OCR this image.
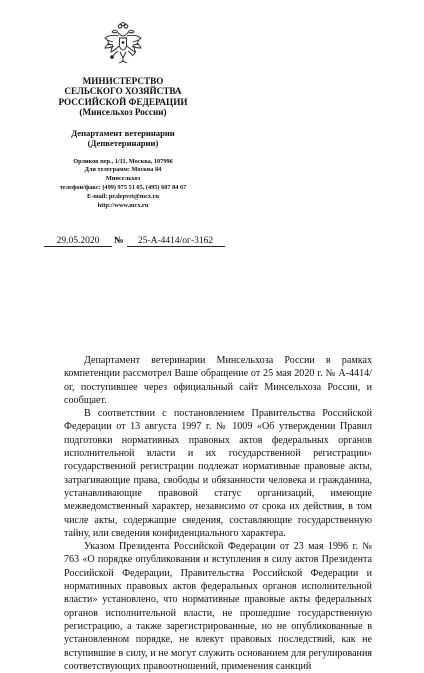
МИНИСТЕРСТВО
СЕЛЬСКОГО ХОЗЯЙСТВА
РОССИЙСКОЙ ФЕДЕРАЦИИ
(Минсельхоз России)
Департамент ветеринарии
(Депветеринарии)
Орликов пер., 1/11, Москва, 107996
Для телеграмм: Москва 84
Минсельхоз
телефон/факс: (499) 975 51 05, (495) 607 84 67
E-mail: pr.depvet@mcx.ru
http://www.mcx.ru
29.05.2020 № 25-А-4414/ог-3162

Департамент ветеринарии Минсельхоза России в рамках компетенции рассмотрел Ваше обращение от 25 мая 2020 г. № А-4414/ог, поступившее через официальный сайт Минсельхоза России, и сообщает.

В соответствии с постановлением Правительства Российской Федерации от 13 августа 1997 г. № 1009 «Об утверждении Правил подготовки нормативных правовых актов федеральных органов исполнительной власти и их государственной регистрации» государственной регистрации подлежат нормативные правовые акты, затрагивающие права, свободы и обязанности человека и гражданина, устанавливающие правовой статус организаций, имеющие межведомственный характер, независимо от срока их действия, в том числе акты, содержащие сведения, составляющие государственную тайну, или сведения конфиденциального характера.

Указом Президента Российской Федерации от 23 мая 1996 г. № 763 «О порядке опубликования и вступления в силу актов Президента Российской Федерации, Правительства Российской Федерации и нормативных правовых актов федеральных органов исполнительной власти» установлено, что нормативные правовые акты федеральных органов исполнительной власти, не прошедшие государственную регистрацию, а также зарегистрированные, но не опубликованные в установленном порядке, не влекут правовых последствий, как не вступившие в силу, и не могут служить основанием для регулирования соответствующих правоотношений, применения санкций
